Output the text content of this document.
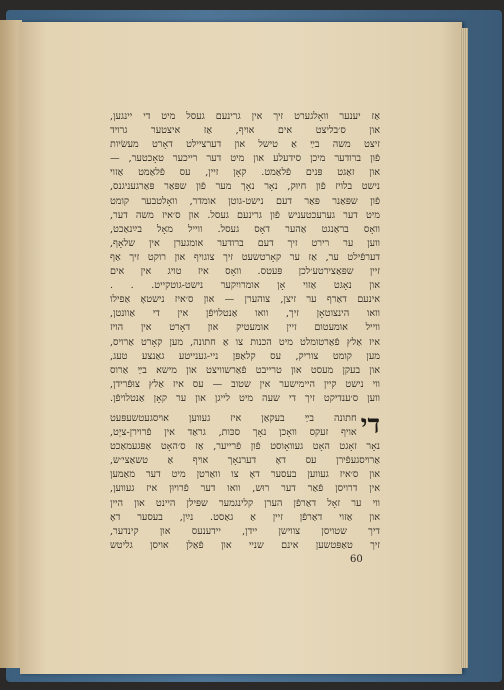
אַז יענער וואָלגערט זיך אין גרינעם געסל מיט די יינגען,
און ס׳בליצט אים אויף, אַז איצטער גרויד
זיצט משה בײַ אַ טישל און דערציילט דאָרט מעשׂיות
פֿון ברודער מיכן סידעלע און מיט דער רייכער טאָכטער, —
און זאַגט פּנים פֿלאַמט. קאָן זיין, עס פֿלאַמט אַזוי
נישט בלויז פֿון חיוּק, נאָר נאָך מער פֿון שפּאַר פּאַרגעניגנס,
פֿון שפּאַנר פּאַר דעם נישט-גוטן אומדר, וואָלטבער קומט
מיט דער גערעכטעניש פֿון גרינעם געסל. און ס׳איז משה דער,
וואָס בראַנגט אַהער דאָס געסל. ווייל מאָל בײַנאַכט,
ווען ער רירט זיך דעם ברודער אומגערן אין שלאָף,
דערפֿילט ער, אַז ער קאָרטשעט זיך צוגויף און רוקט זיך אַף
זיין שפּאַצירטע׳לכן פּעטס. וואָס איז טויג אין אים
און נאָגט אַזוי אָן אומרויִקער נישט-גוטקייט. . .
אינעם דאַרף ער זיצן, צוהערן — און ס׳איז נישטאָ אַפילו
וואו הינצוטאָן זיך, וואו אַנטלויפֿן אין די אַוונטן,
ווייל אומעטום זיין אומעטיק און דאָרט אין הויז
איז אַלץ פֿאַרטומלט מיט הכנות צו אַ חתונה, מען קאָרט אַרויס,
מען קומט צוריק, עס קלאַפּן ניי-גענייטע גאַנצע טעג,
און בעקן מעסט און טרייבט פֿאַרשוויצט און מישא בײַ אַרוס
ווי נישט קיין היימישער אין שטוב — עס איז אַלץ צוּפֿרידן,
ווען ס׳ענדיקט זיך די שעה מיט לייגן און ער קאָן אַנטלויפֿן.
די
חתונה בײַ בעקאַן איז געווען אױסגעטשעפּעט
אויף זעקס וואָכן נאָך סכּות, גראַד אין פֿרוירן-ציֵט,
נאָר זאָגט האָט געוואָוסט פֿון פֿרייער, אַז ס׳האָט אַפּגעמאַכט
אַרױסגעפֿירן עס דאָ דערנאָך אױף אַ טשאַצי׳ש,
און ס׳איז געווען בעסער דאָ צו וואַרטן מיט דער מאַמען
אין דרויסן פֿאַר דער רוּש, וואו דער פֿרויוּן איז געווען,
ווי ער זאָל דאַרפֿן הערן קלינגמער שפּילן היינט און היין
און אַזוי דאַרפֿן זיין אַ גאַסט. נײַן, בעסער דאָ
דיך שטויסן צווישן יידן, יידענעס און קינדער,
זיך טאַפּטשען אינם שניי און פֿאַלן אויסן גליטש
60
